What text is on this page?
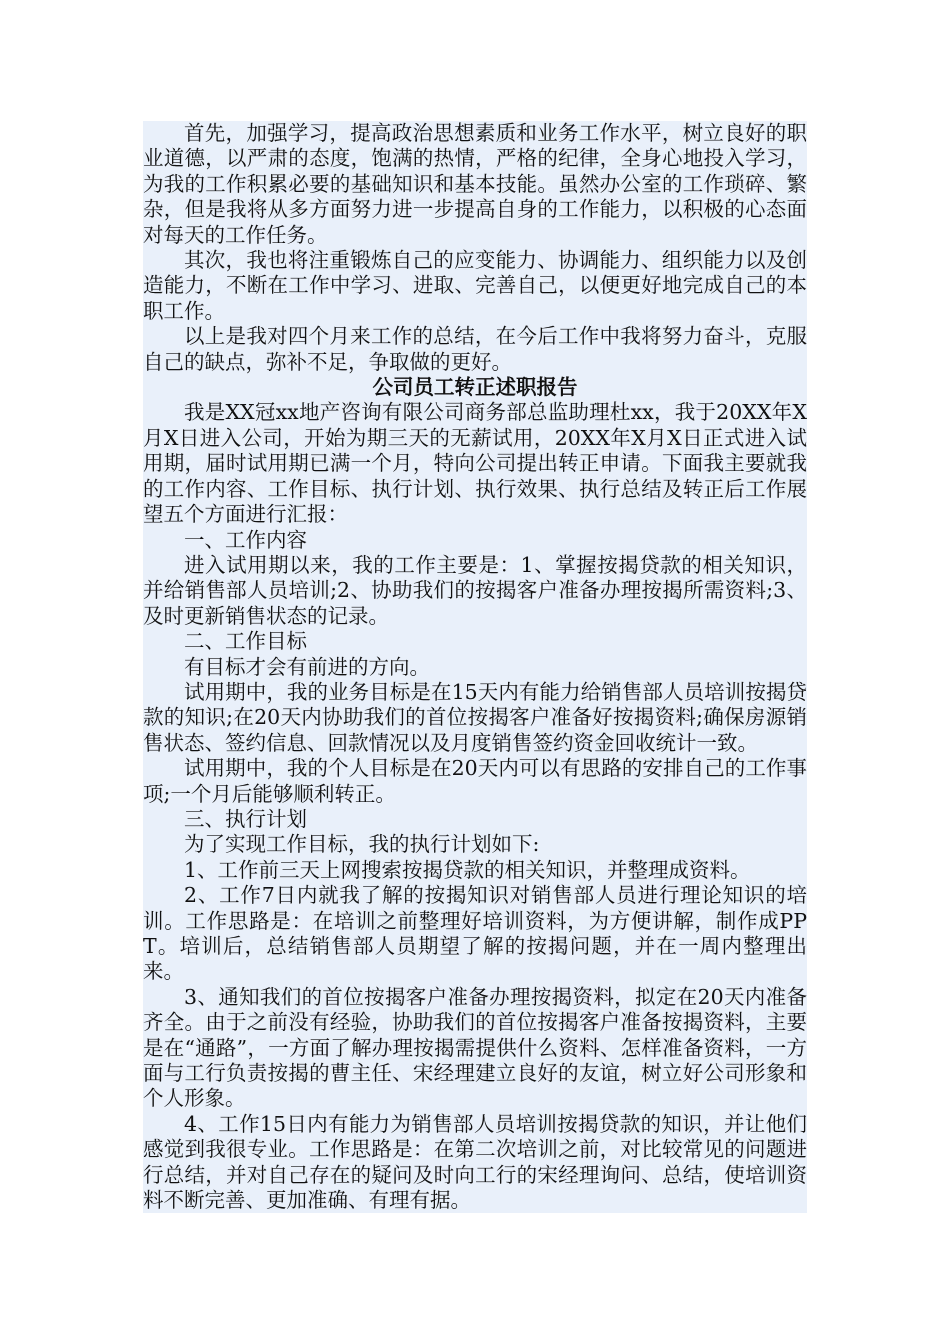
首先，加强学习，提高政治思想素质和业务工作水平，树立良好的职业道德，以严肃的态度，饱满的热情，严格的纪律，全身心地投入学习，为我的工作积累必要的基础知识和基本技能。虽然办公室的工作琐碎、繁杂，但是我将从多方面努力进一步提高自身的工作能力，以积极的心态面对每天的工作任务。

其次，我也将注重锻炼自己的应变能力、协调能力、组织能力以及创造能力，不断在工作中学习、进取、完善自己，以便更好地完成自己的本职工作。

以上是我对四个月来工作的总结，在今后工作中我将努力奋斗，克服自己的缺点，弥补不足，争取做的更好。

公司员工转正述职报告

我是XX冠xx地产咨询有限公司商务部总监助理杜xx，我于20XX年X月X日进入公司，开始为期三天的无薪试用，20XX年X月X日正式进入试用期，届时试用期已满一个月，特向公司提出转正申请。下面我主要就我的工作内容、工作目标、执行计划、执行效果、执行总结及转正后工作展望五个方面进行汇报：

一、工作内容

进入试用期以来，我的工作主要是：1、掌握按揭贷款的相关知识，并给销售部人员培训;2、协助我们的按揭客户准备办理按揭所需资料;3、及时更新销售状态的记录。

二、工作目标

有目标才会有前进的方向。

试用期中，我的业务目标是在15天内有能力给销售部人员培训按揭贷款的知识;在20天内协助我们的首位按揭客户准备好按揭资料;确保房源销售状态、签约信息、回款情况以及月度销售签约资金回收统计一致。

试用期中，我的个人目标是在20天内可以有思路的安排自己的工作事项;一个月后能够顺利转正。

三、执行计划

为了实现工作目标，我的执行计划如下:

1、工作前三天上网搜索按揭贷款的相关知识，并整理成资料。

2、工作7日内就我了解的按揭知识对销售部人员进行理论知识的培训。工作思路是：在培训之前整理好培训资料，为方便讲解，制作成PPT。培训后，总结销售部人员期望了解的按揭问题，并在一周内整理出来。

3、通知我们的首位按揭客户准备办理按揭资料，拟定在20天内准备齐全。由于之前没有经验，协助我们的首位按揭客户准备按揭资料，主要是在“通路”，一方面了解办理按揭需提供什么资料、怎样准备资料，一方面与工行负责按揭的曹主任、宋经理建立良好的友谊，树立好公司形象和个人形象。

4、工作15日内有能力为销售部人员培训按揭贷款的知识，并让他们感觉到我很专业。工作思路是：在第二次培训之前，对比较常见的问题进行总结，并对自己存在的疑问及时向工行的宋经理询问、总结，使培训资料不断完善、更加准确、有理有据。
